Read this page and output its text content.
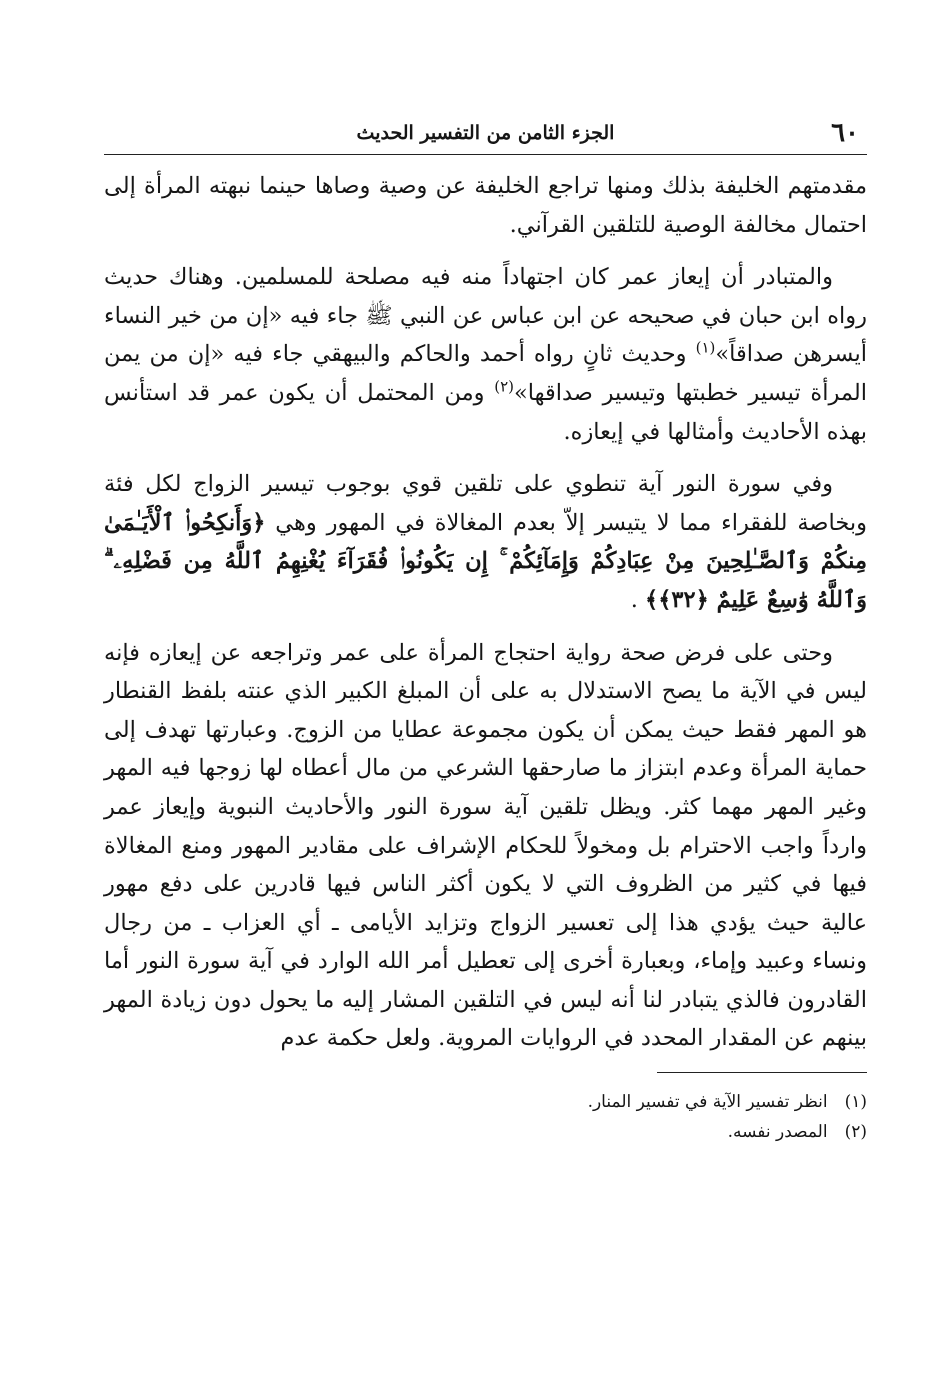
٦٠
الجزء الثامن من التفسير الحديث

مقدمتهم الخليفة بذلك ومنها تراجع الخليفة عن وصية وصاها حينما نبهته المرأة إلى احتمال مخالفة الوصية للتلقين القرآني.

والمتبادر أن إيعاز عمر كان اجتهاداً منه فيه مصلحة للمسلمين. وهناك حديث رواه ابن حبان في صحيحه عن ابن عباس عن النبي ﷺ جاء فيه «إن من خير النساء أيسرهن صداقاً»$^{(١)}$ وحديث ثانٍ رواه أحمد والحاكم والبيهقي جاء فيه «إن من يمن المرأة تيسير خطبتها وتيسير صداقها»$^{(٢)}$ ومن المحتمل أن يكون عمر قد استأنس بهذه الأحاديث وأمثالها في إيعازه.

وفي سورة النور آية تنطوي على تلقين قوي بوجوب تيسير الزواج لكل فئة وبخاصة للفقراء مما لا يتيسر إلاّ بعدم المغالاة في المهور وهي ﴿وَأَنكِحُوا۟ ٱلْأَيَـٰمَىٰ مِنكُمْ وَٱلصَّـٰلِحِينَ مِنْ عِبَادِكُمْ وَإِمَآئِكُمْ ۚ إِن يَكُونُوا۟ فُقَرَآءَ يُغْنِهِمُ ٱللَّهُ مِن فَضْلِهِۦ ۗ وَٱللَّهُ وَٰسِعٌ عَلِيمٌ ﴿٣٢﴾﴾ .

وحتى على فرض صحة رواية احتجاج المرأة على عمر وتراجعه عن إيعازه فإنه ليس في الآية ما يصح الاستدلال به على أن المبلغ الكبير الذي عنته بلفظ القنطار هو المهر فقط حيث يمكن أن يكون مجموعة عطايا من الزوج. وعبارتها تهدف إلى حماية المرأة وعدم ابتزاز ما صارحقها الشرعي من مال أعطاه لها زوجها فيه المهر وغير المهر مهما كثر. ويظل تلقين آية سورة النور والأحاديث النبوية وإيعاز عمر وارداً واجب الاحترام بل ومخولاً للحكام الإشراف على مقادير المهور ومنع المغالاة فيها في كثير من الظروف التي لا يكون أكثر الناس فيها قادرين على دفع مهور عالية حيث يؤدي هذا إلى تعسير الزواج وتزايد الأيامى ـ أي العزاب ـ من رجال ونساء وعبيد وإماء، وبعبارة أخرى إلى تعطيل أمر الله الوارد في آية سورة النور أما القادرون فالذي يتبادر لنا أنه ليس في التلقين المشار إليه ما يحول دون زيادة المهر بينهم عن المقدار المحدد في الروايات المروية. ولعل حكمة عدم

(١) انظر تفسير الآية في تفسير المنار.
(٢) المصدر نفسه.
